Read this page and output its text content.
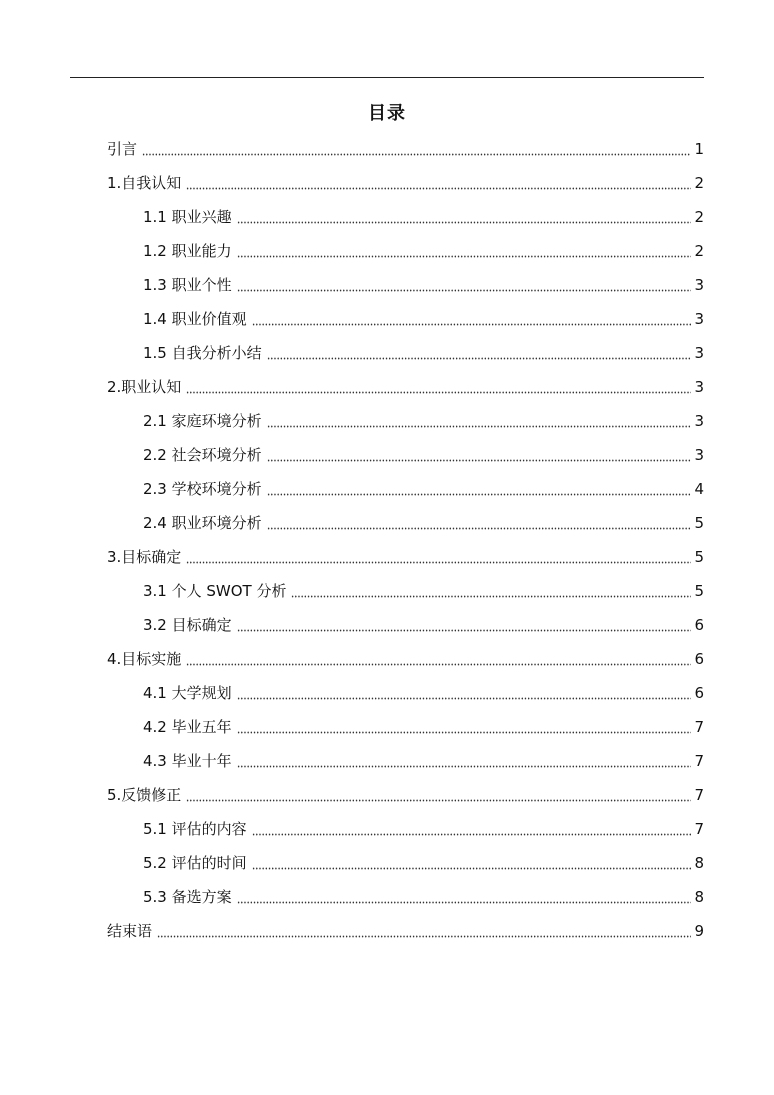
目录
引言	1
1.自我认知	2
1.1 职业兴趣	2
1.2 职业能力	2
1.3 职业个性	3
1.4 职业价值观	3
1.5 自我分析小结	3
2.职业认知	3
2.1 家庭环境分析	3
2.2 社会环境分析	3
2.3 学校环境分析	4
2.4 职业环境分析	5
3.目标确定	5
3.1 个人 SWOT 分析	5
3.2 目标确定	6
4.目标实施	6
4.1 大学规划	6
4.2 毕业五年	7
4.3 毕业十年	7
5.反馈修正	7
5.1 评估的内容	7
5.2 评估的时间	8
5.3 备选方案	8
结束语	9
